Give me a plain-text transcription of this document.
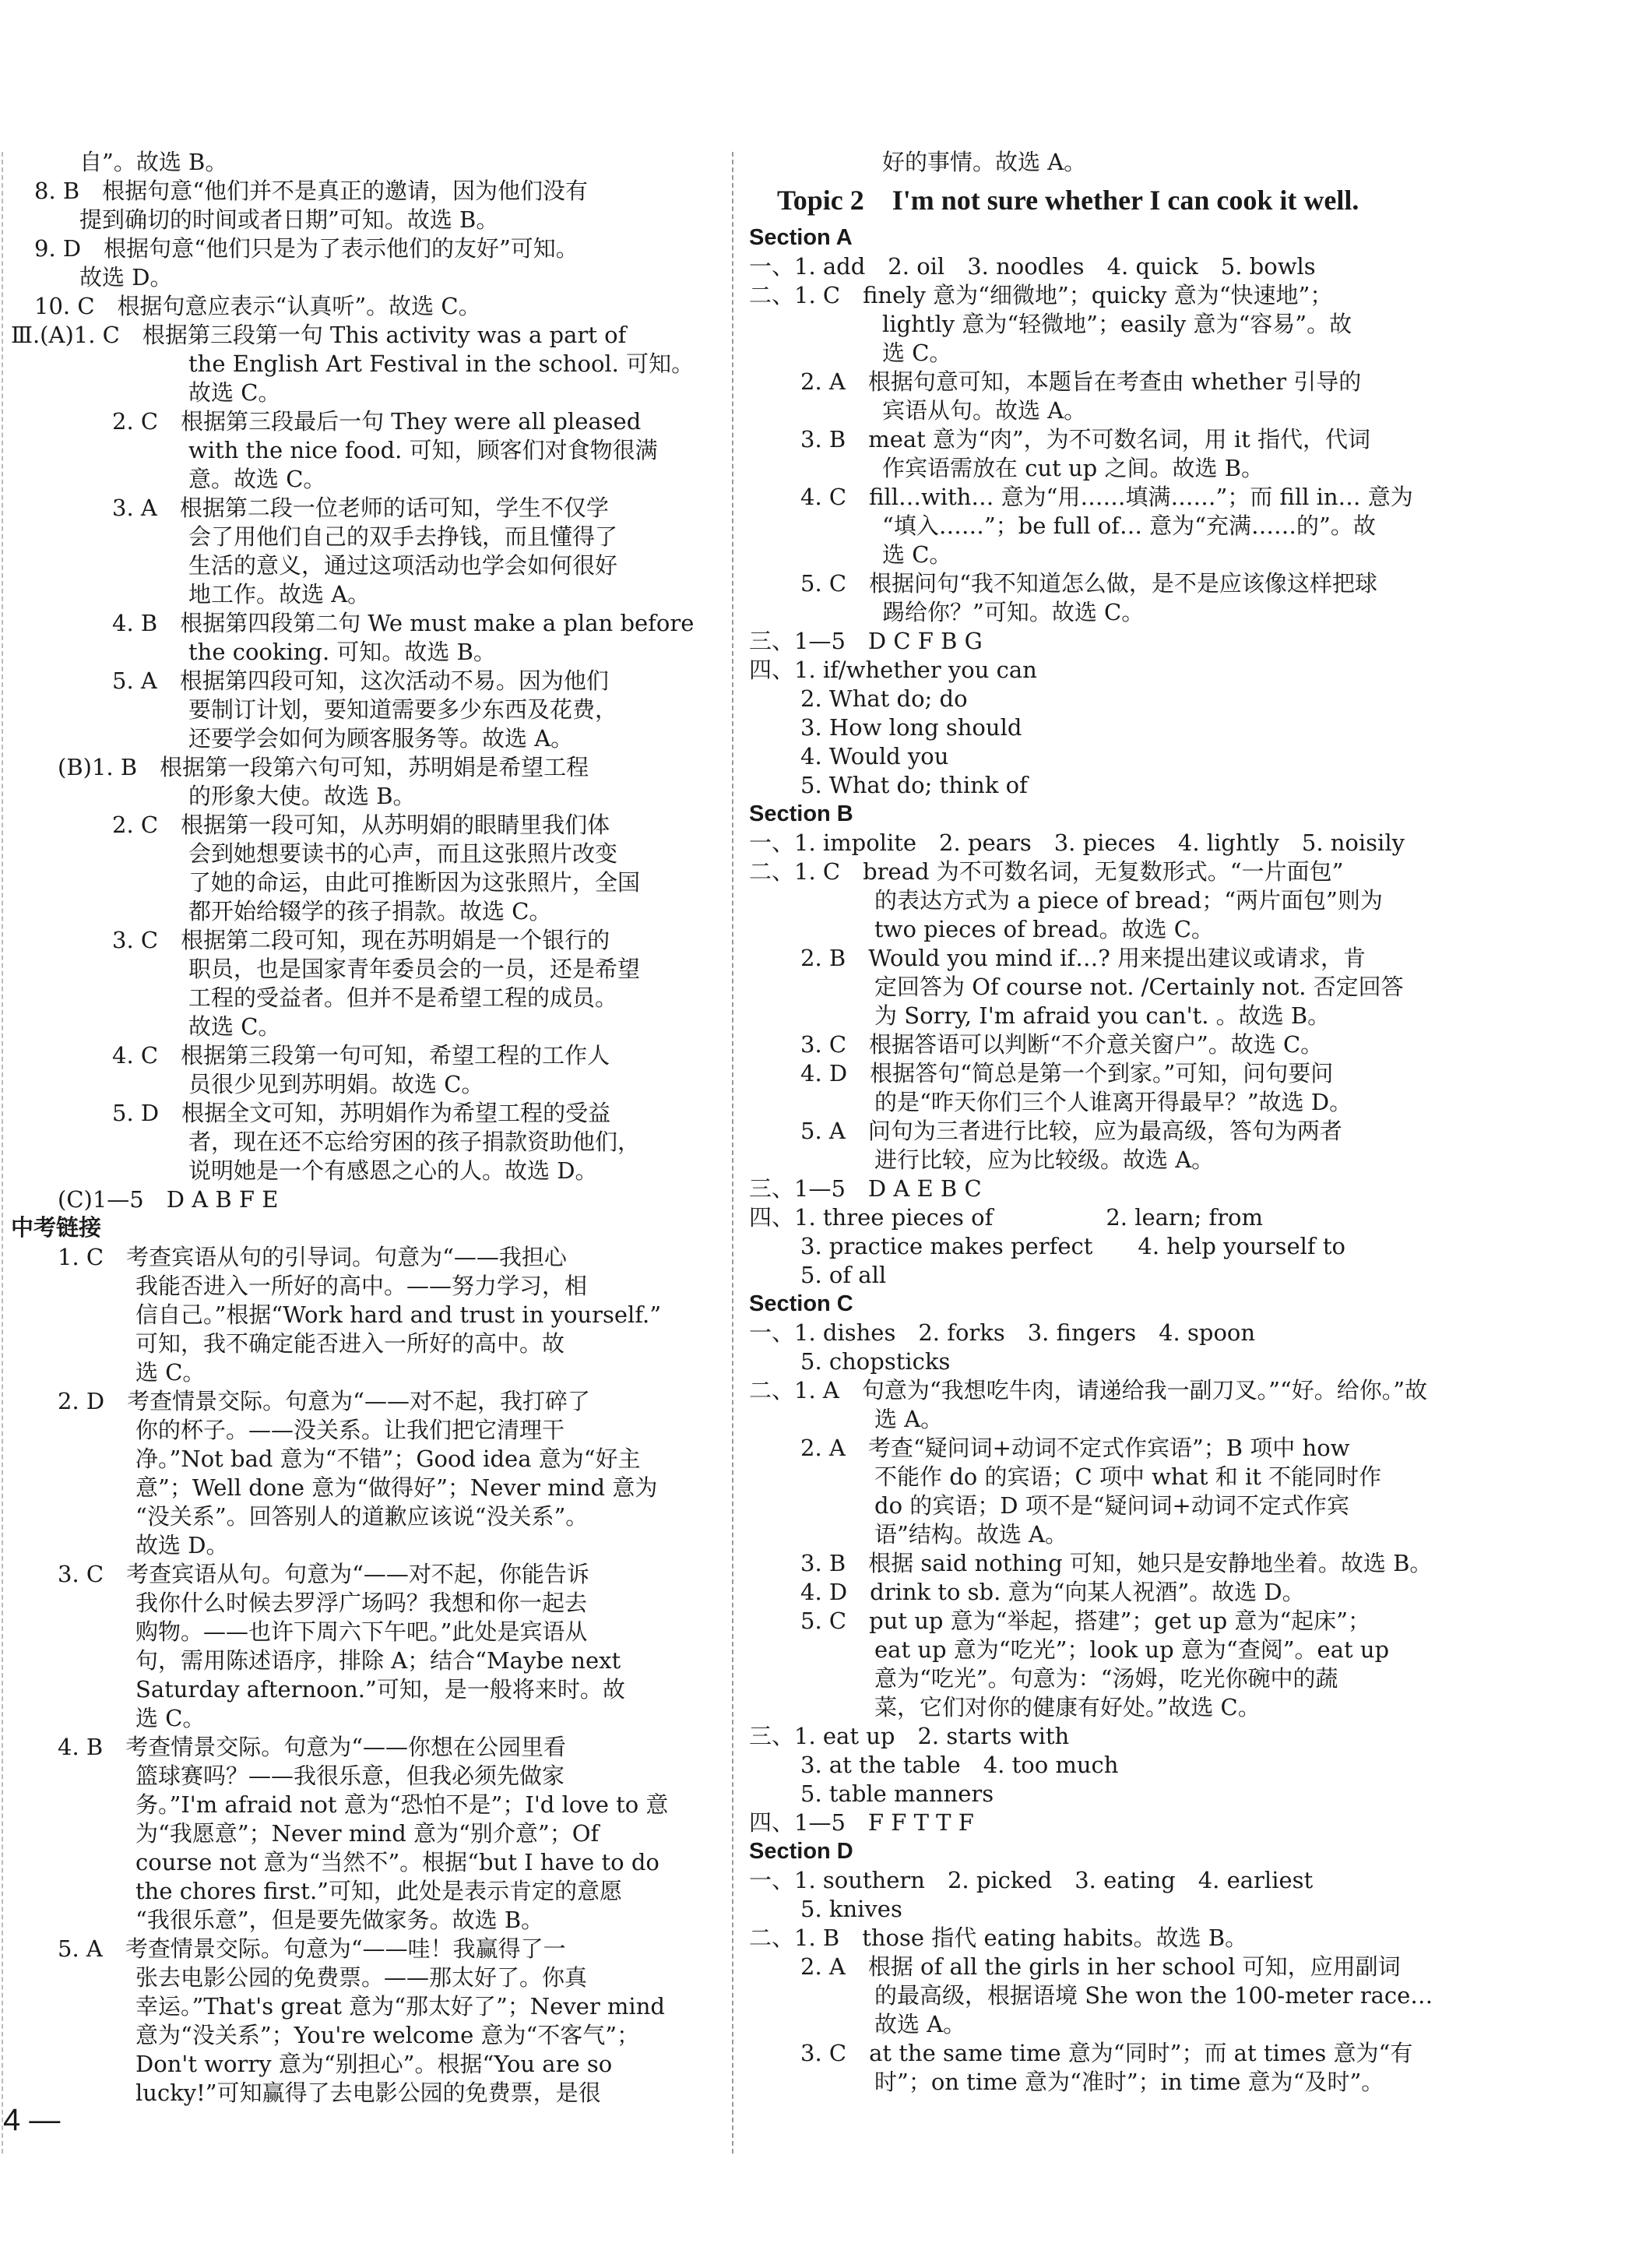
自”。故选 B。
8. B　根据句意“他们并不是真正的邀请，因为他们没有
提到确切的时间或者日期”可知。故选 B。
9. D　根据句意“他们只是为了表示他们的友好”可知。
故选 D。
10. C　根据句意应表示“认真听”。故选 C。
Ⅲ.(A)1. C　根据第三段第一句 This activity was a part of
the English Art Festival in the school. 可知。
故选 C。
2. C　根据第三段最后一句 They were all pleased
with the nice food. 可知，顾客们对食物很满
意。故选 C。
3. A　根据第二段一位老师的话可知，学生不仅学
会了用他们自己的双手去挣钱，而且懂得了
生活的意义，通过这项活动也学会如何很好
地工作。故选 A。
4. B　根据第四段第二句 We must make a plan before
the cooking. 可知。故选 B。
5. A　根据第四段可知，这次活动不易。因为他们
要制订计划，要知道需要多少东西及花费，
还要学会如何为顾客服务等。故选 A。
(B)1. B　根据第一段第六句可知，苏明娟是希望工程
的形象大使。故选 B。
2. C　根据第一段可知，从苏明娟的眼睛里我们体
会到她想要读书的心声，而且这张照片改变
了她的命运，由此可推断因为这张照片，全国
都开始给辍学的孩子捐款。故选 C。
3. C　根据第二段可知，现在苏明娟是一个银行的
职员，也是国家青年委员会的一员，还是希望
工程的受益者。但并不是希望工程的成员。
故选 C。
4. C　根据第三段第一句可知，希望工程的工作人
员很少见到苏明娟。故选 C。
5. D　根据全文可知，苏明娟作为希望工程的受益
者，现在还不忘给穷困的孩子捐款资助他们，
说明她是一个有感恩之心的人。故选 D。
(C)1—5　D A B F E
中考链接
1. C　考查宾语从句的引导词。句意为“——我担心
我能否进入一所好的高中。——努力学习，相
信自己。”根据“Work hard and trust in yourself.”
可知，我不确定能否进入一所好的高中。故
选 C。
2. D　考查情景交际。句意为“——对不起，我打碎了
你的杯子。——没关系。让我们把它清理干
净。”Not bad 意为“不错”；Good idea 意为“好主
意”；Well done 意为“做得好”；Never mind 意为
“没关系”。回答别人的道歉应该说“没关系”。
故选 D。
3. C　考查宾语从句。句意为“——对不起，你能告诉
我你什么时候去罗浮广场吗？我想和你一起去
购物。——也许下周六下午吧。”此处是宾语从
句，需用陈述语序，排除 A；结合“Maybe next
Saturday afternoon.”可知，是一般将来时。故
选 C。
4. B　考查情景交际。句意为“——你想在公园里看
篮球赛吗？——我很乐意，但我必须先做家
务。”I'm afraid not 意为“恐怕不是”；I'd love to 意
为“我愿意”；Never mind 意为“别介意”；Of
course not 意为“当然不”。根据“but I have to do
the chores first.”可知，此处是表示肯定的意愿
“我很乐意”，但是要先做家务。故选 B。
5. A　考查情景交际。句意为“——哇！我赢得了一
张去电影公园的免费票。——那太好了。你真
幸运。”That's great 意为“那太好了”；Never mind
意为“没关系”；You're welcome 意为“不客气”；
Don't worry 意为“别担心”。根据“You are so
lucky!”可知赢得了去电影公园的免费票，是很
好的事情。故选 A。
Topic 2　I'm not sure whether I can cook it well.
Section A
一、1. add　2. oil　3. noodles　4. quick　5. bowls
二、1. C　finely 意为“细微地”；quicky 意为“快速地”；
lightly 意为“轻微地”；easily 意为“容易”。故
选 C。
2. A　根据句意可知，本题旨在考查由 whether 引导的
宾语从句。故选 A。
3. B　meat 意为“肉”，为不可数名词，用 it 指代，代词
作宾语需放在 cut up 之间。故选 B。
4. C　fill…with… 意为“用……填满……”；而 fill in… 意为
“填入……”；be full of… 意为“充满……的”。故
选 C。
5. C　根据问句“我不知道怎么做，是不是应该像这样把球
踢给你？”可知。故选 C。
三、1—5　D C F B G
四、1. if/whether you can
2. What do; do
3. How long should
4. Would you
5. What do; think of
Section B
一、1. impolite　2. pears　3. pieces　4. lightly　5. noisily
二、1. C　bread 为不可数名词，无复数形式。“一片面包”
的表达方式为 a piece of bread；“两片面包”则为
two pieces of bread。故选 C。
2. B　Would you mind if…? 用来提出建议或请求，肯
定回答为 Of course not. /Certainly not. 否定回答
为 Sorry, I'm afraid you can't. 。故选 B。
3. C　根据答语可以判断“不介意关窗户”。故选 C。
4. D　根据答句“简总是第一个到家。”可知，问句要问
的是“昨天你们三个人谁离开得最早？”故选 D。
5. A　问句为三者进行比较，应为最高级，答句为两者
进行比较，应为比较级。故选 A。
三、1—5　D A E B C
四、1. three pieces of　　　　　2. learn; from
3. practice makes perfect　　4. help yourself to
5. of all
Section C
一、1. dishes　2. forks　3. fingers　4. spoon
5. chopsticks
二、1. A　句意为“我想吃牛肉，请递给我一副刀叉。”“好。给你。”故
选 A。
2. A　考查“疑问词+动词不定式作宾语”；B 项中 how
不能作 do 的宾语；C 项中 what 和 it 不能同时作
do 的宾语；D 项不是“疑问词+动词不定式作宾
语”结构。故选 A。
3. B　根据 said nothing 可知，她只是安静地坐着。故选 B。
4. D　drink to sb. 意为“向某人祝酒”。故选 D。
5. C　put up 意为“举起，搭建”；get up 意为“起床”；
eat up 意为“吃光”；look up 意为“查阅”。eat up
意为“吃光”。句意为：“汤姆，吃光你碗中的蔬
菜，它们对你的健康有好处。”故选 C。
三、1. eat up　2. starts with
3. at the table　4. too much
5. table manners
四、1—5　F F T T F
Section D
一、1. southern　2. picked　3. eating　4. earliest
5. knives
二、1. B　those 指代 eating habits。故选 B。
2. A　根据 of all the girls in her school 可知，应用副词
的最高级，根据语境 She won the 100-meter race…
故选 A。
3. C　at the same time 意为“同时”；而 at times 意为“有
时”；on time 意为“准时”；in time 意为“及时”。
4 —
